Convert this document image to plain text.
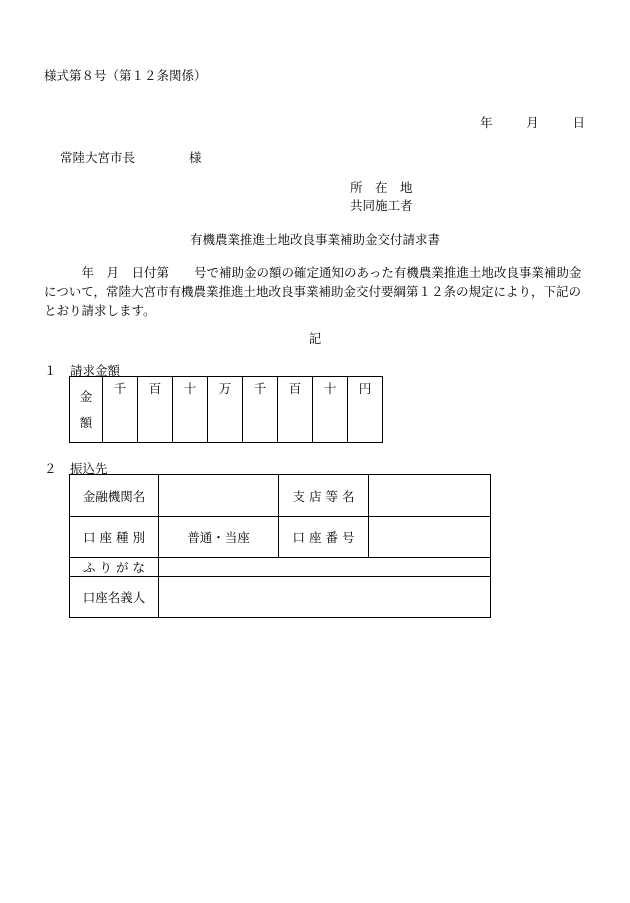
様式第８号（第１２条関係）
年	月	日
常陸大宮市長	様
所　在　地
共同施工者
有機農業推進土地改良事業補助金交付請求書
　　　年　月　日付第　　号で補助金の額の確定通知のあった有機農業推進土地改良事業補助金について，常陸大宮市有機農業推進土地改良事業補助金交付要綱第１２条の規定により，下記のとおり請求します。
記
１ 請求金額
金
額
	千	百	十	万	千	百	十	円
２ 振込先
金融機関名		支 店 等 名	
口 座 種 別	普通・当座	口 座 番 号	
ふ り が な			
口座名義人			
